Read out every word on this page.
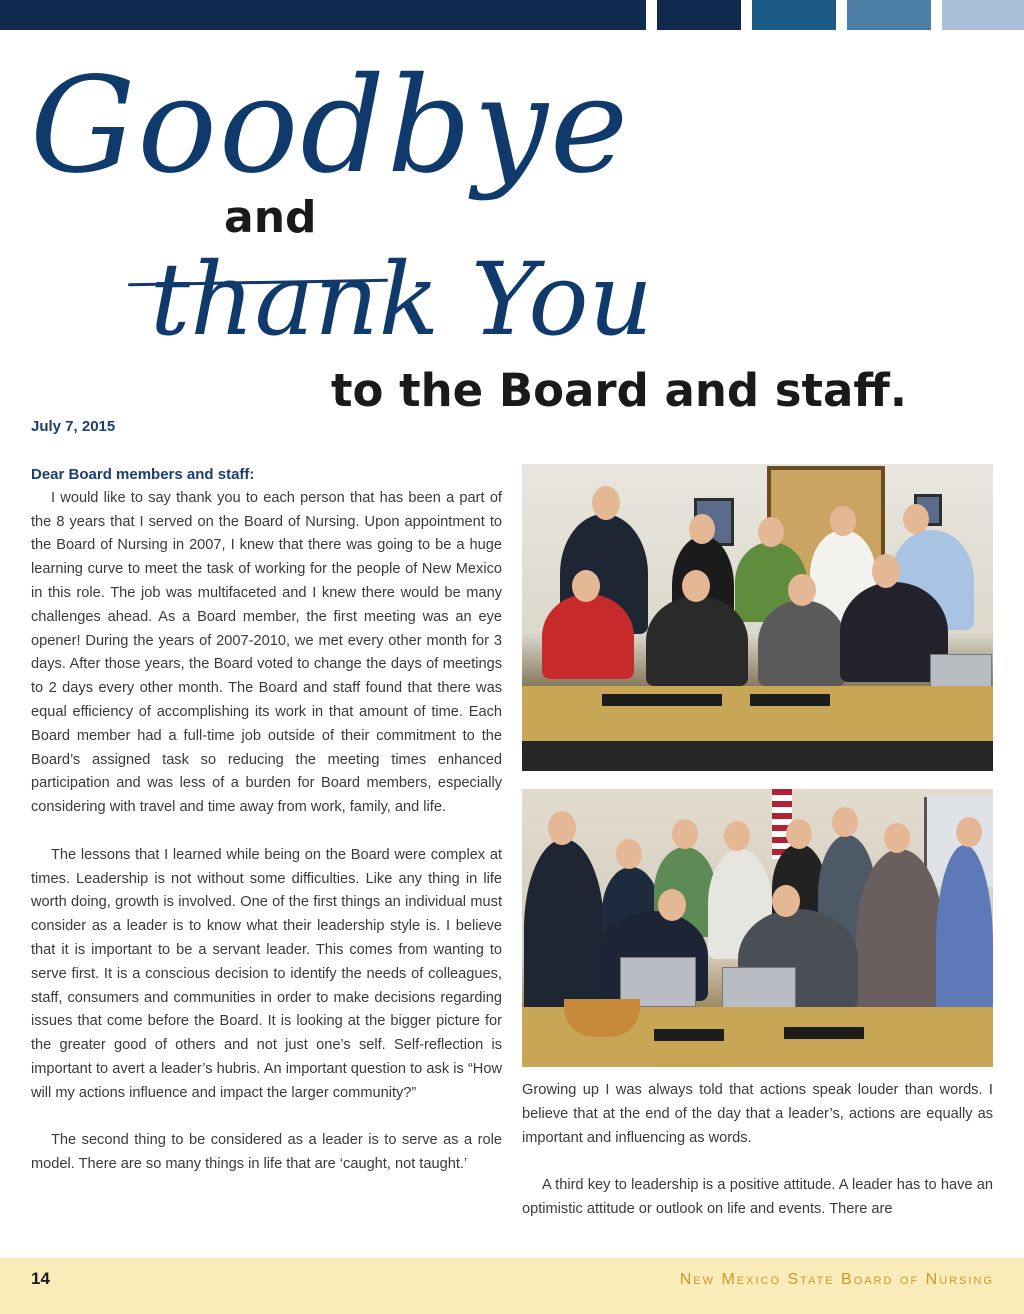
Goodbye
and
thank You
to the Board and staff.
July 7, 2015

Dear Board members and staff:

I would like to say thank you to each person that has been a part of the 8 years that I served on the Board of Nursing. Upon appointment to the Board of Nursing in 2007, I knew that there was going to be a huge learning curve to meet the task of working for the people of New Mexico in this role. The job was multifaceted and I knew there would be many challenges ahead. As a Board member, the first meeting was an eye opener! During the years of 2007-2010, we met every other month for 3 days. After those years, the Board voted to change the days of meetings to 2 days every other month. The Board and staff found that there was equal efficiency of accomplishing its work in that amount of time. Each Board member had a full-time job outside of their commitment to the Board’s assigned task so reducing the meeting times enhanced participation and was less of a burden for Board members, especially considering with travel and time away from work, family, and life.

The lessons that I learned while being on the Board were complex at times. Leadership is not without some difficulties. Like any thing in life worth doing, growth is involved. One of the first things an individual must consider as a leader is to know what their leadership style is. I believe that it is important to be a servant leader. This comes from wanting to serve first. It is a conscious decision to identify the needs of colleagues, staff, consumers and communities in order to make decisions regarding issues that come before the Board. It is looking at the bigger picture for the greater good of others and not just one’s self. Self-reflection is important to avert a leader’s hubris. An important question to ask is “How will my actions influence and impact the larger community?”

The second thing to be considered as a leader is to serve as a role model. There are so many things in life that are ‘caught, not taught.’

Growing up I was always told that actions speak louder than words. I believe that at the end of the day that a leader’s, actions are equally as important and influencing as words.

A third key to leadership is a positive attitude. A leader has to have an optimistic attitude or outlook on life and events. There are

14	New Mexico State Board of Nursing
